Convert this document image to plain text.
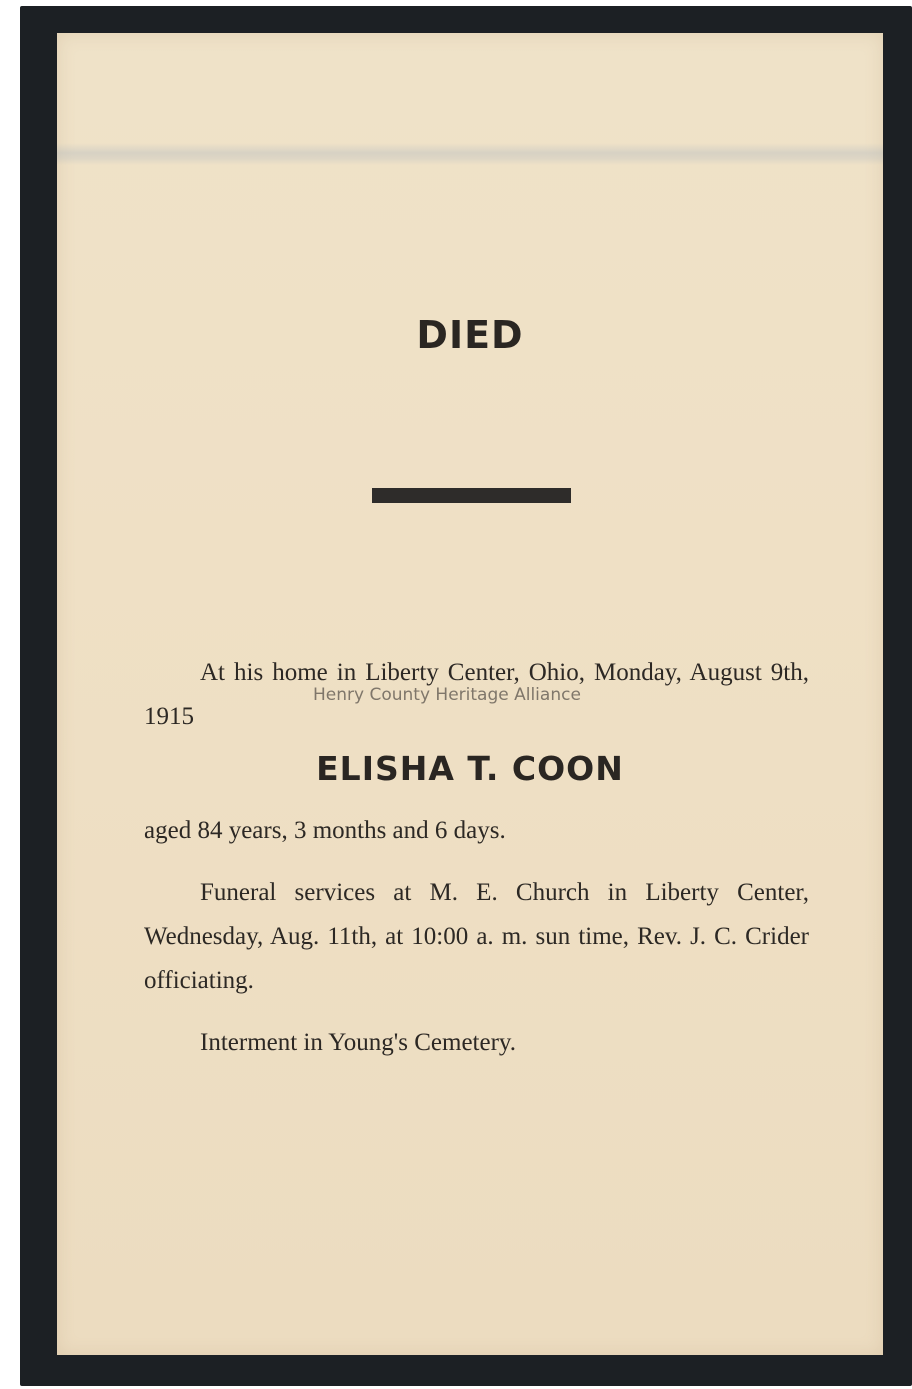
DIED
At his home in Liberty Center, Ohio, Monday, August 9th, 1915
Henry County Heritage Alliance
ELISHA T. COON
aged 84 years, 3 months and 6 days.
Funeral services at M. E. Church in Liberty Center, Wednesday, Aug. 11th, at 10:00 a. m. sun time, Rev. J. C. Crider officiating.
Interment in Young's Cemetery.
